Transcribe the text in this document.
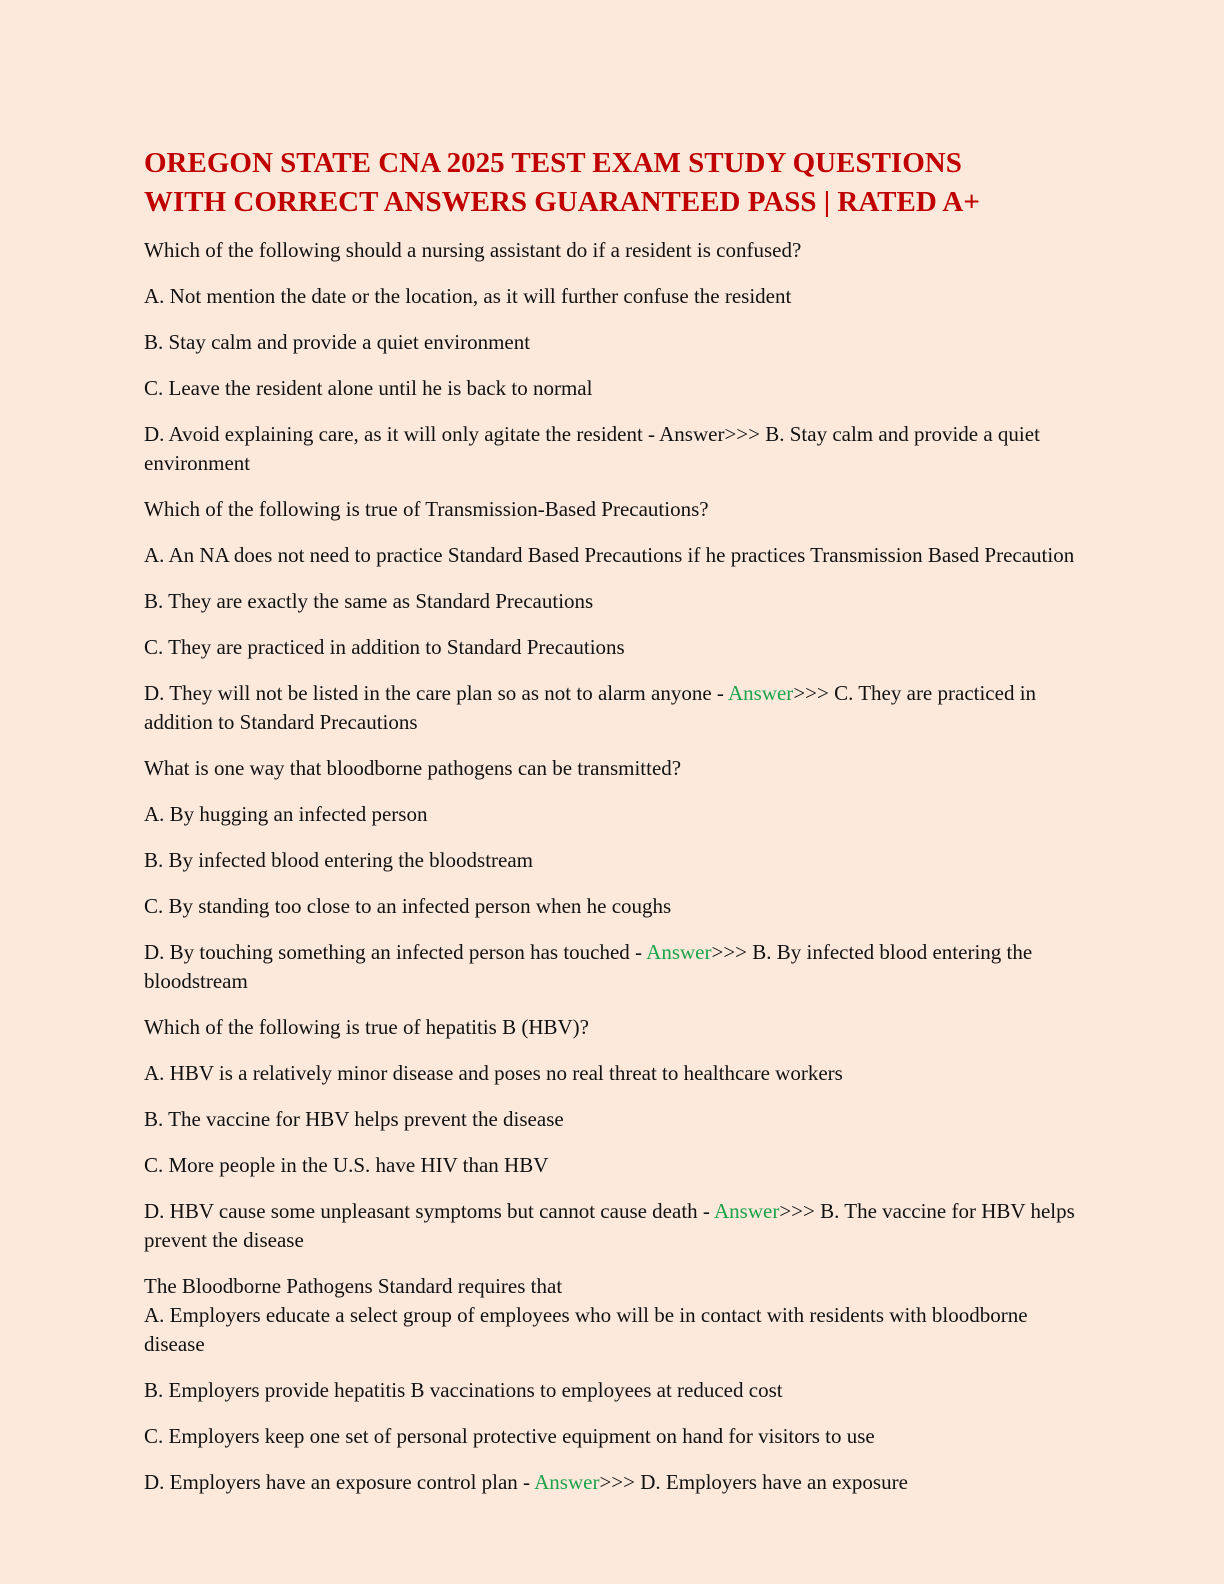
OREGON STATE CNA 2025 TEST EXAM STUDY QUESTIONS
WITH CORRECT ANSWERS GUARANTEED PASS | RATED A+

Which of the following should a nursing assistant do if a resident is confused?

A. Not mention the date or the location, as it will further confuse the resident

B. Stay calm and provide a quiet environment

C. Leave the resident alone until he is back to normal

D. Avoid explaining care, as it will only agitate the resident - Answer>>> B. Stay calm and provide a quiet environment

Which of the following is true of Transmission-Based Precautions?

A. An NA does not need to practice Standard Based Precautions if he practices Transmission Based Precaution

B. They are exactly the same as Standard Precautions

C. They are practiced in addition to Standard Precautions

D. They will not be listed in the care plan so as not to alarm anyone - Answer>>> C. They are practiced in addition to Standard Precautions

What is one way that bloodborne pathogens can be transmitted?

A. By hugging an infected person

B. By infected blood entering the bloodstream

C. By standing too close to an infected person when he coughs

D. By touching something an infected person has touched - Answer>>> B. By infected blood entering the bloodstream

Which of the following is true of hepatitis B (HBV)?

A. HBV is a relatively minor disease and poses no real threat to healthcare workers

B. The vaccine for HBV helps prevent the disease

C. More people in the U.S. have HIV than HBV

D. HBV cause some unpleasant symptoms but cannot cause death - Answer>>> B. The vaccine for HBV helps prevent the disease

The Bloodborne Pathogens Standard requires that

A. Employers educate a select group of employees who will be in contact with residents with bloodborne disease

B. Employers provide hepatitis B vaccinations to employees at reduced cost

C. Employers keep one set of personal protective equipment on hand for visitors to use

D. Employers have an exposure control plan - Answer>>> D. Employers have an exposure
